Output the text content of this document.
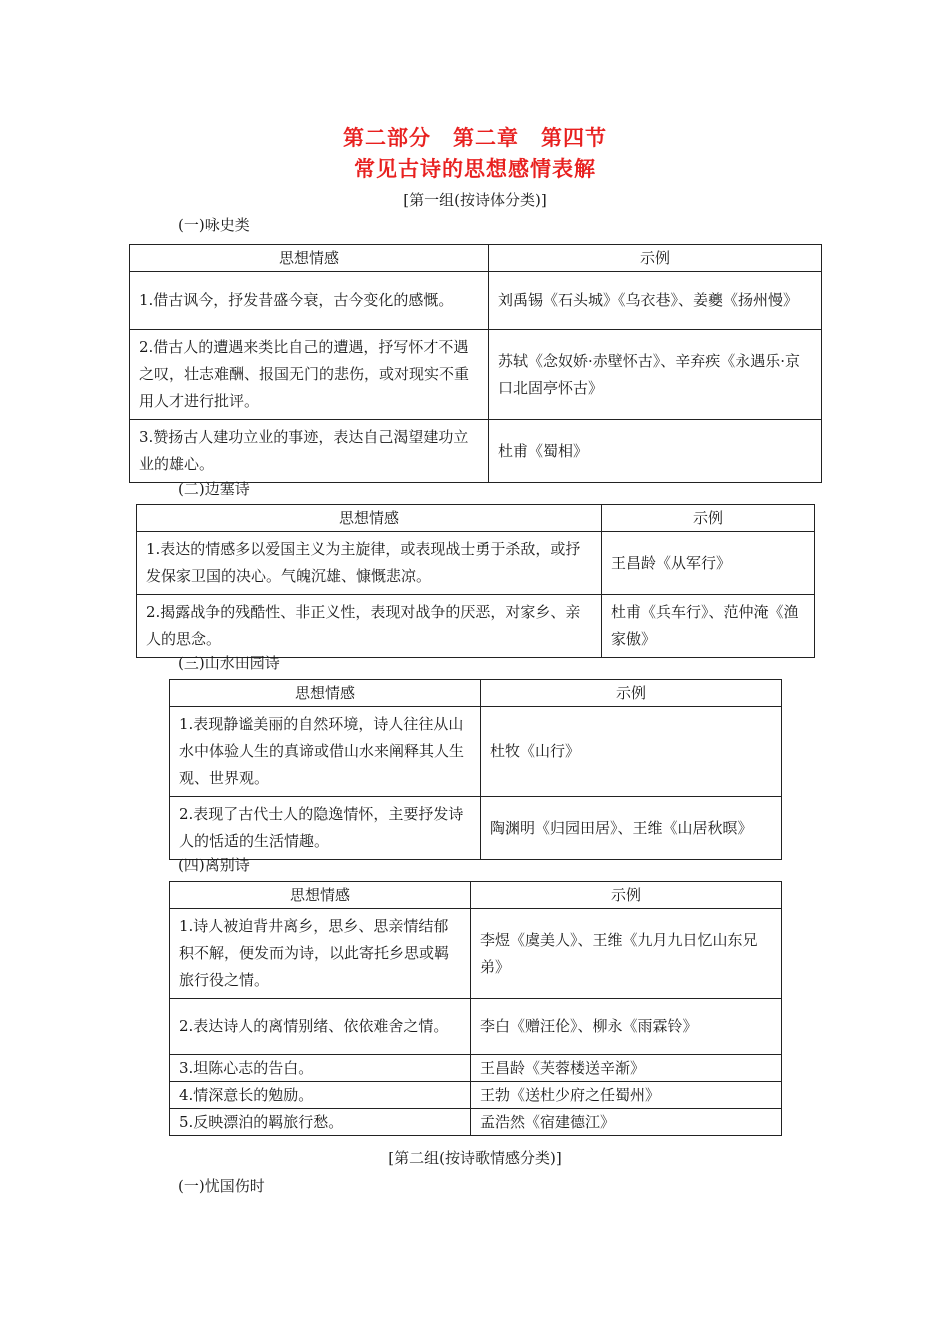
第二部分　第二章　第四节
常见古诗的思想感情表解
[第一组(按诗体分类)]
(一)咏史类
思想情感	示例
1.借古讽今，抒发昔盛今衰，古今变化的感慨。	刘禹锡《石头城》《乌衣巷》、姜夔《扬州慢》
2.借古人的遭遇来类比自己的遭遇，抒写怀才不遇之叹，壮志难酬、报国无门的悲伤，或对现实不重用人才进行批评。	苏轼《念奴娇·赤壁怀古》、辛弃疾《永遇乐·京口北固亭怀古》
3.赞扬古人建功立业的事迹，表达自己渴望建功立业的雄心。	杜甫《蜀相》
(二)边塞诗
思想情感	示例
1.表达的情感多以爱国主义为主旋律，或表现战士勇于杀敌，或抒发保家卫国的决心。气魄沉雄、慷慨悲凉。	王昌龄《从军行》
2.揭露战争的残酷性、非正义性，表现对战争的厌恶，对家乡、亲人的思念。	杜甫《兵车行》、范仲淹《渔家傲》
(三)山水田园诗
思想情感	示例
1.表现静谧美丽的自然环境，诗人往往从山水中体验人生的真谛或借山水来阐释其人生观、世界观。	杜牧《山行》
2.表现了古代士人的隐逸情怀，主要抒发诗人的恬适的生活情趣。	陶渊明《归园田居》、王维《山居秋暝》
(四)离别诗
思想情感	示例
1.诗人被迫背井离乡，思乡、思亲情结郁积不解，便发而为诗，以此寄托乡思或羁旅行役之情。	李煜《虞美人》、王维《九月九日忆山东兄弟》
2.表达诗人的离情别绪、依依难舍之情。	李白《赠汪伦》、柳永《雨霖铃》
3.坦陈心志的告白。	王昌龄《芙蓉楼送辛渐》
4.情深意长的勉励。	王勃《送杜少府之任蜀州》
5.反映漂泊的羁旅行愁。	孟浩然《宿建德江》
[第二组(按诗歌情感分类)]
(一)忧国伤时
